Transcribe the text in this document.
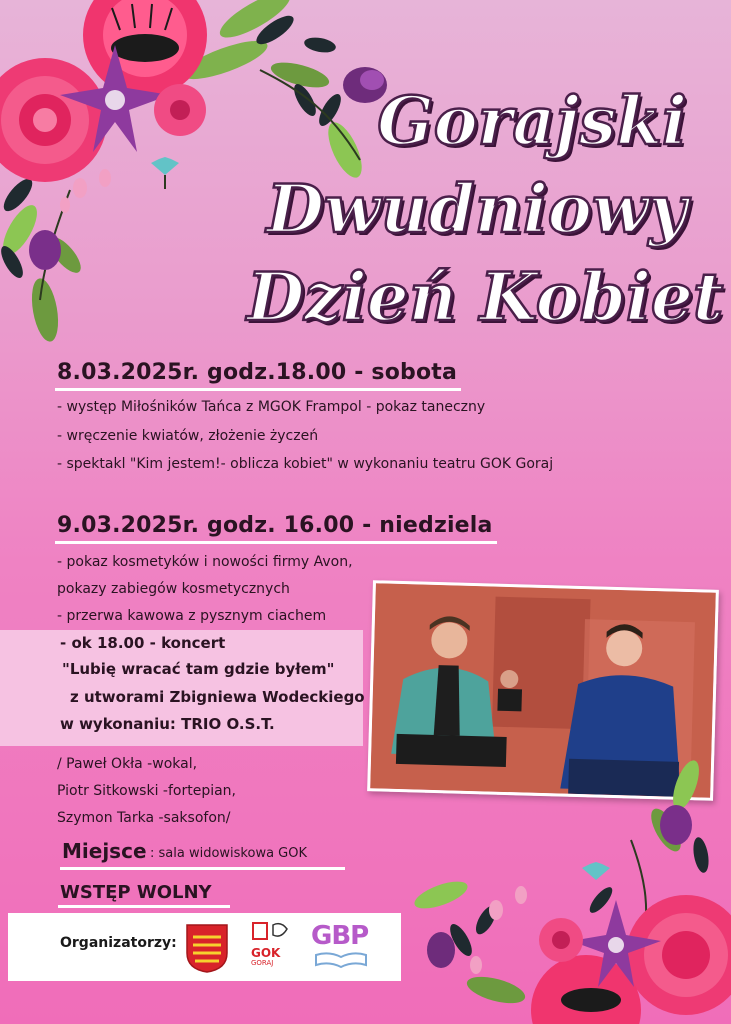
Gorajski
Dwudniowy
Dzień Kobiet
8.03.2025r. godz.18.00 - sobota
- występ Miłośników Tańca z MGOK Frampol - pokaz taneczny
- wręczenie kwiatów, złożenie życzeń
- spektakl "Kim jestem!- oblicza kobiet" w wykonaniu teatru GOK Goraj
9.03.2025r. godz. 16.00 - niedziela
- pokaz kosmetyków i nowości firmy Avon,
pokazy zabiegów kosmetycznych
- przerwa kawowa z pysznym ciachem
- ok 18.00 - koncert
"Lubię wracać tam gdzie byłem"
z utworami Zbigniewa Wodeckiego
w wykonaniu: TRIO O.S.T.
/ Paweł Okła -wokal,
Piotr Sitkowski -fortepian,
Szymon Tarka -saksofon/
Miejsce : sala widowiskowa GOK
WSTĘP WOLNY
Organizatorzy:
GOK
GORAJ
GBP
